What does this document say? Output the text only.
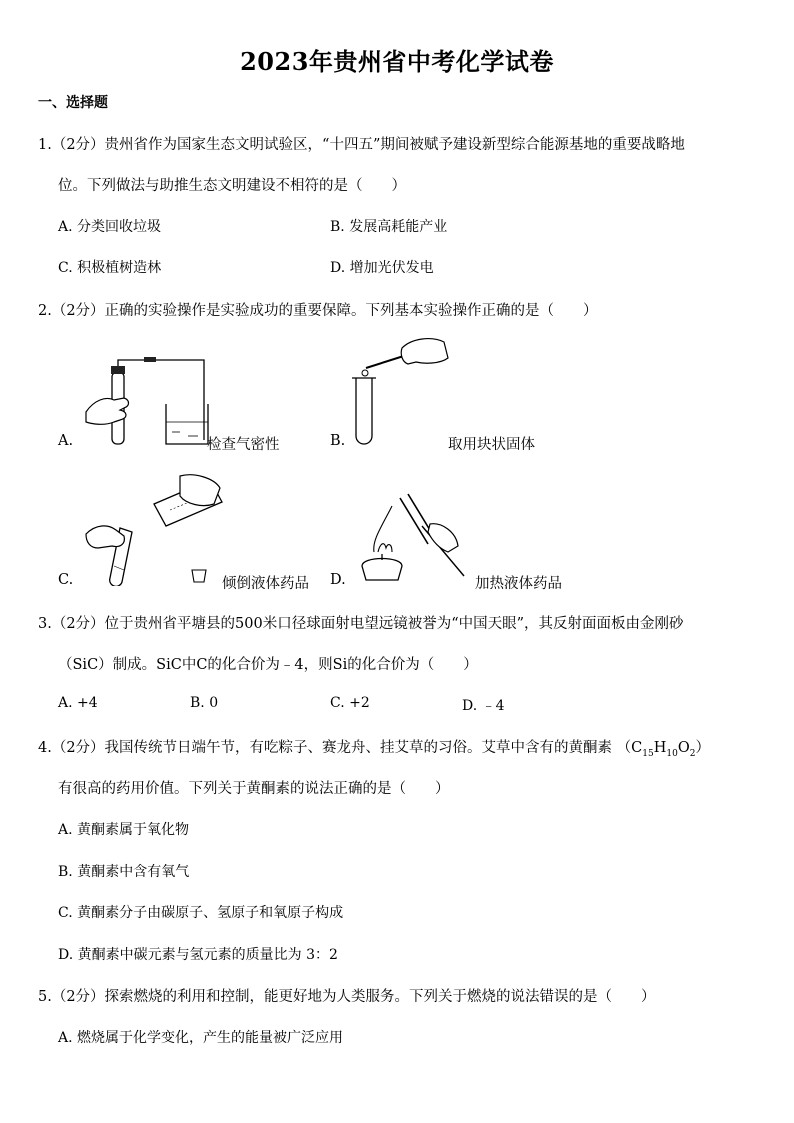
2023年贵州省中考化学试卷
一、选择题
1.（2分）贵州省作为国家生态文明试验区，“十四五”期间被赋予建设新型综合能源基地的重要战略地
位。下列做法与助推生态文明建设不相符的是（　　）
A. 分类回收垃圾	B. 发展高耗能产业
C. 积极植树造林	D. 增加光伏发电
2.（2分）正确的实验操作是实验成功的重要保障。下列基本实验操作正确的是（　　）
A.	检查气密性	B.	取用块状固体
C.	倾倒液体药品 D.	加热液体药品
3.（2分）位于贵州省平塘县的500米口径球面射电望远镜被誉为“中国天眼”，其反射面面板由金刚砂
（SiC）制成。SiC中C的化合价为﹣4，则Si的化合价为（　　）
A. +4	B. 0	C. +2	D. ﹣4
4.（2分）我国传统节日端午节，有吃粽子、赛龙舟、挂艾草的习俗。艾草中含有的黄酮素 $(C_{15}H_{10}O_2)$
有很高的药用价值。下列关于黄酮素的说法正确的是（　　）
A. 黄酮素属于氧化物
B. 黄酮素中含有氧气
C. 黄酮素分子由碳原子、氢原子和氧原子构成
D. 黄酮素中碳元素与氢元素的质量比为 3：2
5.（2分）探索燃烧的利用和控制，能更好地为人类服务。下列关于燃烧的说法错误的是（　　）
A. 燃烧属于化学变化，产生的能量被广泛应用
